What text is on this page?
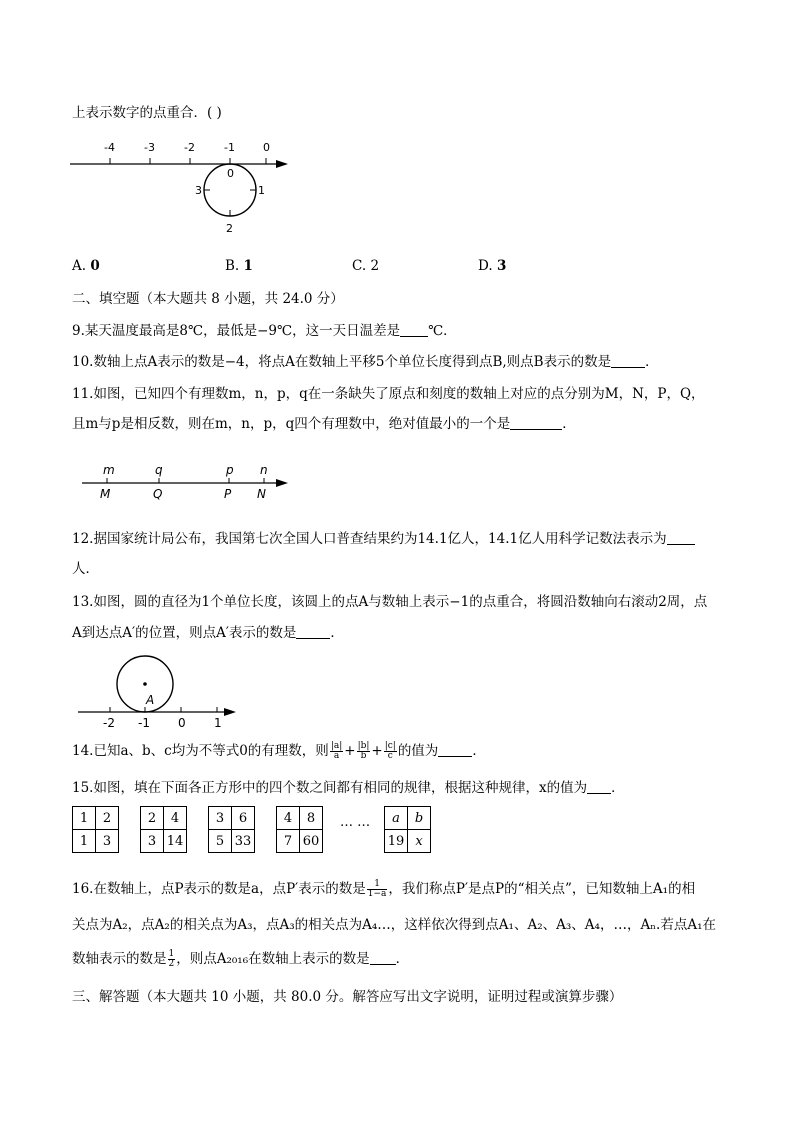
上表示数字的点重合．( )
-4	-3	-2	-1	0
0
1
2
3
A. 0	B. 1	C. 2	D. 3
二、填空题（本大题共 8 小题，共 24.0 分）
9.某天温度最高是8℃，最低是−9℃，这一天日温差是 ℃．
10.数轴上点A表示的数是−4，将点A在数轴上平移5个单位长度得到点B,则点B表示的数是	．
11.如图，已知四个有理数m，n，p，q在一条缺失了原点和刻度的数轴上对应的点分别为M，N，P，Q，
且m与p是相反数，则在m，n，p，q四个有理数中，绝对值最小的一个是	．
m	q	p n
M	Q	P N
12.据国家统计局公布，我国第七次全国人口普查结果约为14.1亿人，14.1亿人用科学记数法表示为
人．
13.如图，圆的直径为1个单位长度，该圆上的点A与数轴上表示−1的点重合，将圆沿数轴向右滚动2周，点
A到达点A′的位置，则点A′表示的数是	．
A
-2 -1 0 1
14.已知a、b、c均为不等式0的有理数，则 $\frac{|a|}{a} + \frac{|b|}{b} + \frac{|c|}{c}$ 的值为	．
15.如图，填在下面各正方形中的四个数之间都有相同的规律，根据这种规律，x的值为 ．
1	2
1	3
2	4
3	14
3	6
5	33
4	8
7	60
… … a	b
19	x
16.在数轴上，点P表示的数是a，点P′表示的数是 $\frac{1}{1-a}$ ，我们称点P′是点P的“相关点”，已知数轴上A₁的相
关点为A₂，点A₂的相关点为A₃，点A₃的相关点为A₄…，这样依次得到点A₁、A₂、A₃、A₄，…，Aₙ.若点A₁在
数轴表示的数是 $\frac{1}{2}$ ，则点A₂₀₁₆在数轴上表示的数是 ．
三、解答题（本大题共 10 小题，共 80.0 分。解答应写出文字说明，证明过程或演算步骤）
